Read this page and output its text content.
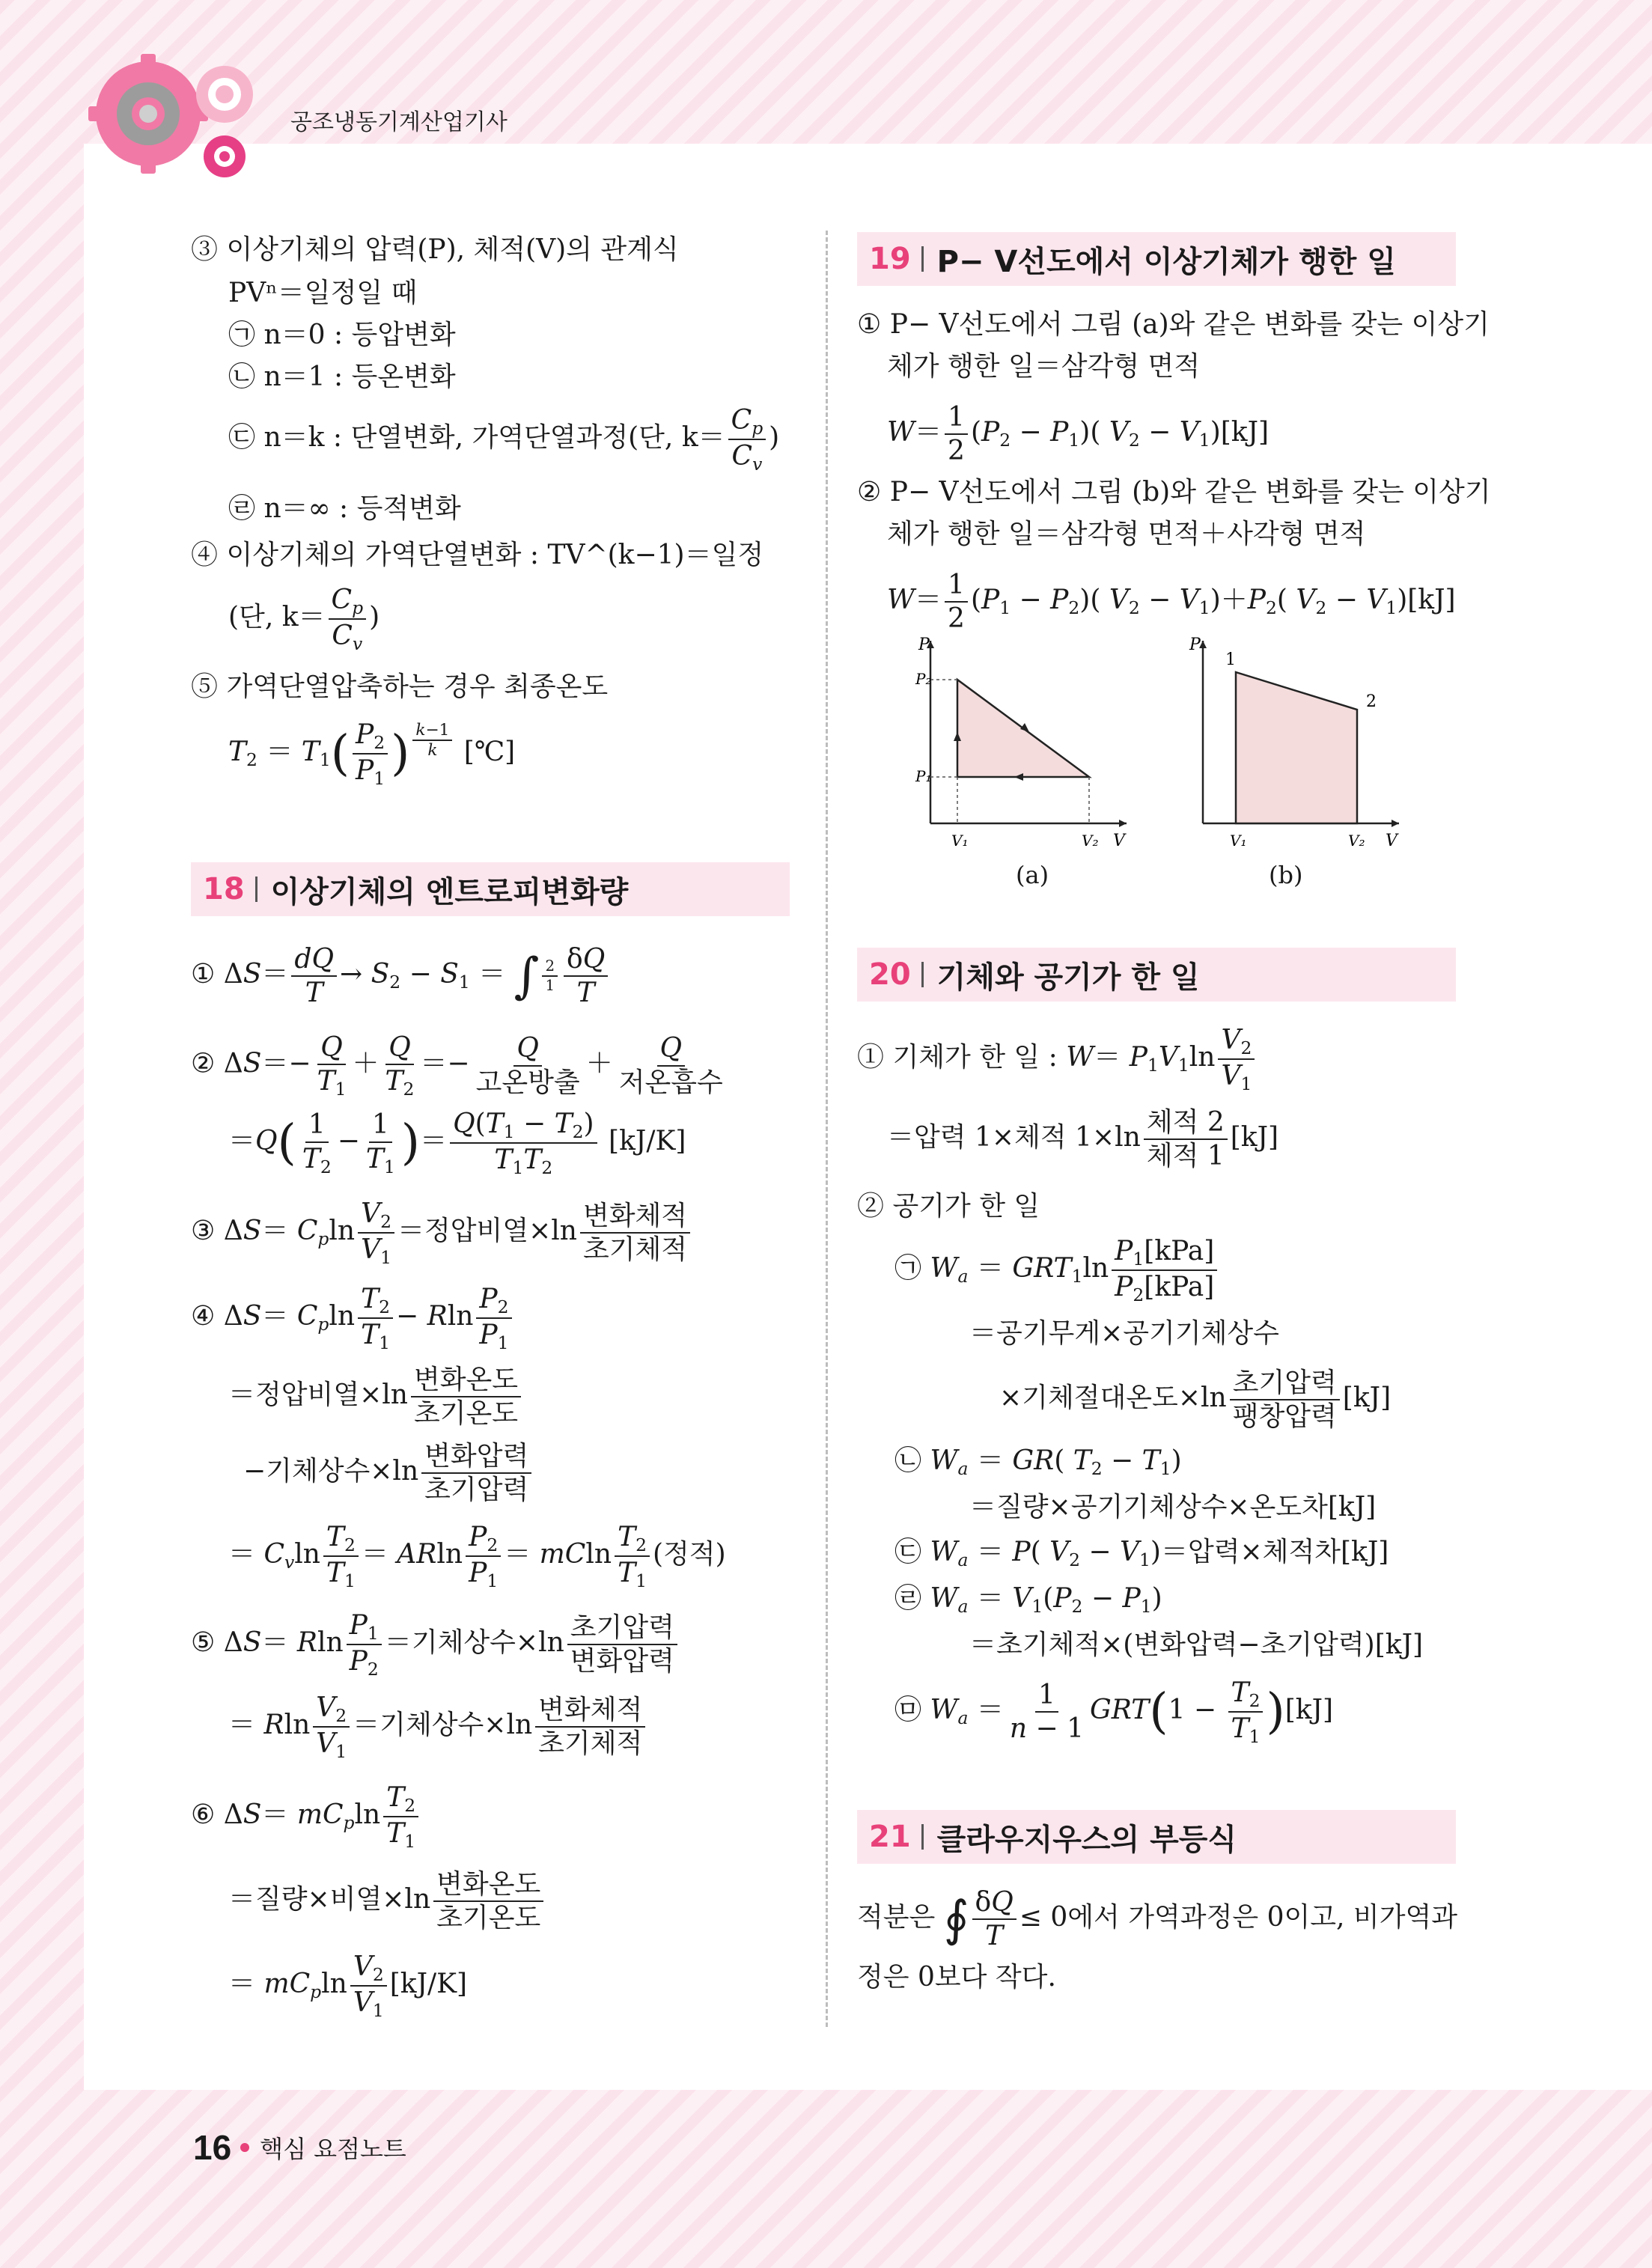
공조냉동기계산업기사
③ 이상기체의 압력(P), 체적(V)의 관계식
PVⁿ＝일정일 때
㉠ n＝0 : 등압변화
㉡ n＝1 : 등온변화
㉢ n＝k : 단열변화, 가역단열과정(단, $k= \frac{C_p}{C_v}$ )
㉣ n＝∞ : 등적변화
④ 이상기체의 가역단열변화 : TV^(k−1)＝일정
(단, $k= \frac{C_p}{C_v}$ )
⑤ 가역단열압축하는 경우 최종온도
$T_2 = T_1( \frac{P_2}{P_1}$ ) $\frac{k-1}{k}$ [℃]
18 이상기체의 엔트로피변화량
① $\Delta S= \frac{dQ}{T} \to S_2 - S_1$ ＝ ∫ $\frac{2}{1} \frac{\delta Q}{T}$
② $\Delta S=- \frac{Q}{T_1} + \frac{Q}{T_2} =- \frac{Q}{\text{고온방출}} + \frac{Q}{\text{저온흡수}}$
$=Q( \frac{1}{T_2} - \frac{1}{T_1}$ )＝ $\frac{Q(T_1 - T_2)}{T_1T_2} [kJ/K]$
③ $\Delta S= C_p\ln \frac{V_2}{V_1}$ ＝정압비열$\times\ln \frac{\text{변화체적}}{\text{초기체적}}$
④ $\Delta S= C_p\ln \frac{T_2}{T_1} - Rln \frac{P_2}{P_1}$
＝정압비열$\times\ln \frac{\text{변화온도}}{\text{초기온도}}$
−기체상수$\times\ln \frac{\text{변화압력}}{\text{초기압력}}$
＝ $C_v\ln \frac{T_2}{T_1} = ARln \frac{P_2}{P_1} = mCln \frac{T_2}{T_1}$ (정적)
⑤ ΔS＝ Rln $\frac{P_1}{P_2}$ ＝기체상수$\times\ln \frac{\text{초기압력}}{\text{변화압력}}$
＝ Rln $\frac{V_2}{V_1}$ ＝기체상수$\times\ln \frac{\text{변화체적}}{\text{초기체적}}$
⑥ $\Delta S= mC_p\ln \frac{T_2}{T_1}$
＝질량×비열$\times\ln \frac{\text{변화온도}}{\text{초기온도}}$
＝ $mC_p\ln \frac{V_2}{V_1} [kJ/K]$
19 P− V선도에서 이상기체가 행한 일
① P− V선도에서 그림 (a)와 같은 변화를 갖는 이상기
체가 행한 일＝삼각형 면적
$W= \frac{1}{2} (P_2 - P_1)$( $V_2 - V_1)[kJ]$
② P− V선도에서 그림 (b)와 같은 변화를 갖는 이상기
체가 행한 일＝삼각형 면적＋사각형 면적
$W= \frac{1}{2} (P_1 - P_2)$( $V_2 - V_1)+P_2$( $V_2 - V_1)[kJ]$
P
P₂
P₁
V₁	V₂ V
P
1
2
V₁	V₂ V
(a)	(b)
20 기체와 공기가 한 일
① 기체가 한 일 : $W= P_1V_1\ln \frac{V_2}{V_1}$
＝압력 1×체적 $1\times\ln \frac{\text{체적 2}}{\text{체적 1}} [kJ]$
② 공기가 한 일
㉠ $W_a = GRT_1\ln \frac{P_1[kPa]}{P_2[kPa]}$
＝공기무게×공기기체상수
×기체절대온도$\times\ln \frac{\text{초기압력}}{\text{팽창압력}} [kJ]$
㉡ $W_a = GR$( $T_2 - T_1$)
＝질량×공기기체상수×온도차[kJ]
㉢ $W_a = P$( $V_2 - V_1)=$압력×체적차[kJ]
㉣ $W_a = V_1(P_2 - P_1)$
＝초기체적×(변화압력−초기압력)[kJ]
㉤ $W_a = \frac{1}{n - 1} GRT(1 - \frac{T_2}{T_1} )[kJ]$
21 클라우지우스의 부등식
적분은 ∮ $\frac{\delta Q}{T} \le 0$에서 가역과정은 0이고, 비가역과
정은 0보다 작다.
16 핵심 요점노트
